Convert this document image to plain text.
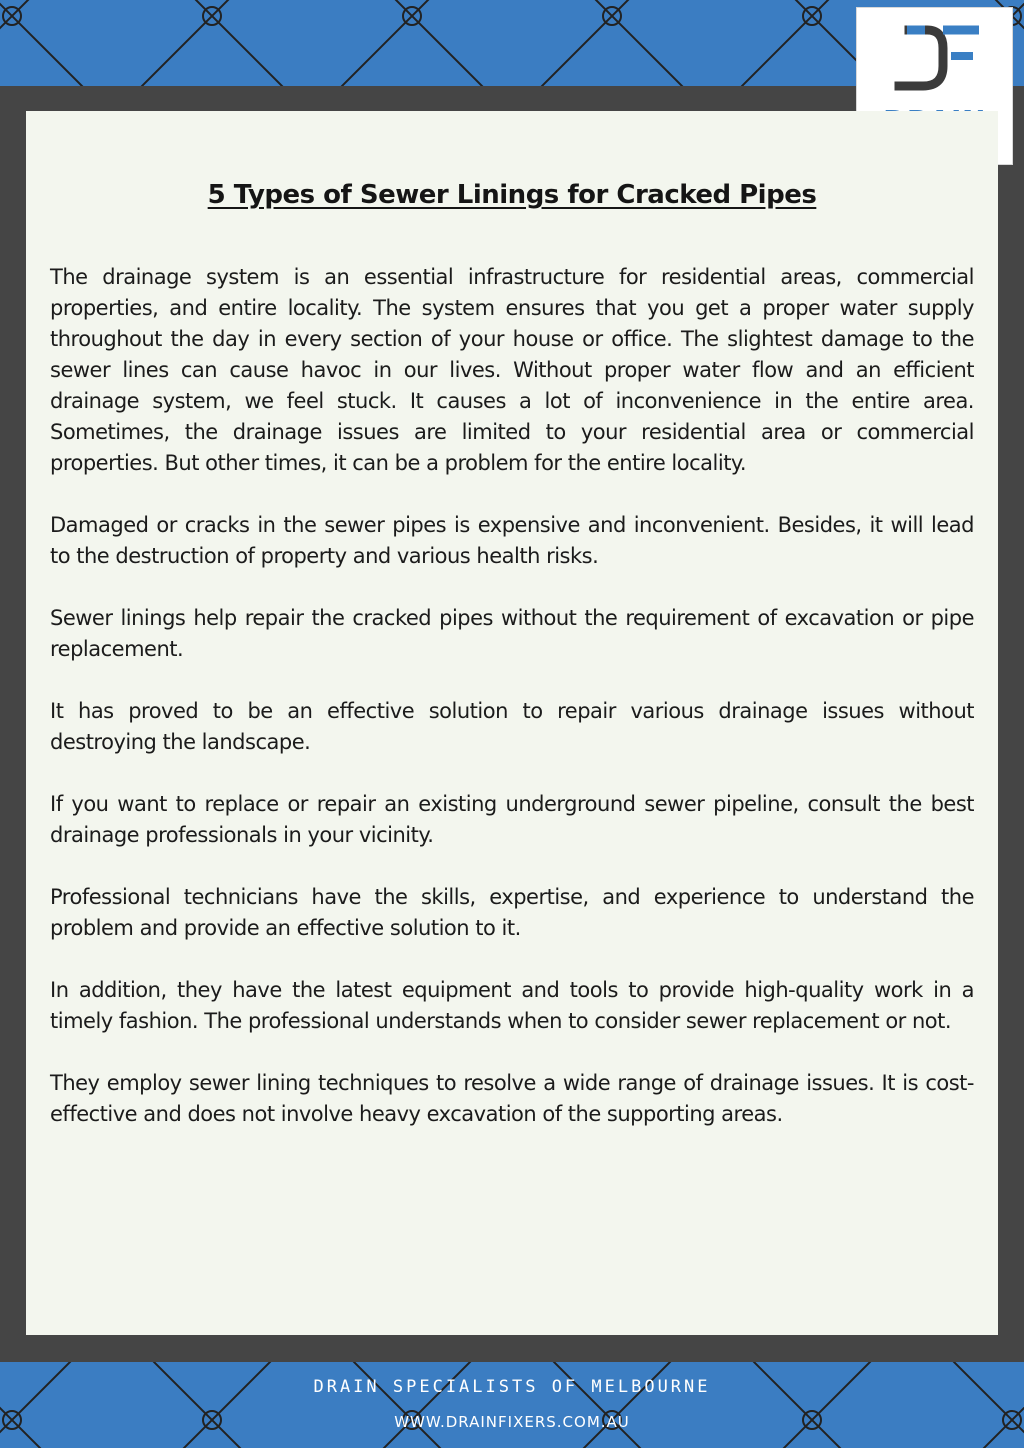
5 Types of Sewer Linings for Cracked Pipes

The drainage system is an essential infrastructure for residential areas, commercial properties, and entire locality. The system ensures that you get a proper water supply throughout the day in every section of your house or office. The slightest damage to the sewer lines can cause havoc in our lives. Without proper water flow and an efficient drainage system, we feel stuck. It causes a lot of inconvenience in the entire area. Sometimes, the drainage issues are limited to your residential area or commercial properties. But other times, it can be a problem for the entire locality.

Damaged or cracks in the sewer pipes is expensive and inconvenient. Besides, it will lead to the destruction of property and various health risks.

Sewer linings help repair the cracked pipes without the requirement of excavation or pipe replacement.

It has proved to be an effective solution to repair various drainage issues without destroying the landscape.

If you want to replace or repair an existing underground sewer pipeline, consult the best drainage professionals in your vicinity.

Professional technicians have the skills, expertise, and experience to understand the problem and provide an effective solution to it.

In addition, they have the latest equipment and tools to provide high-quality work in a timely fashion. The professional understands when to consider sewer replacement or not.

They employ sewer lining techniques to resolve a wide range of drainage issues. It is cost-effective and does not involve heavy excavation of the supporting areas.

DRAIN SPECIALISTS OF MELBOURNE
WWW.DRAINFIXERS.COM.AU
